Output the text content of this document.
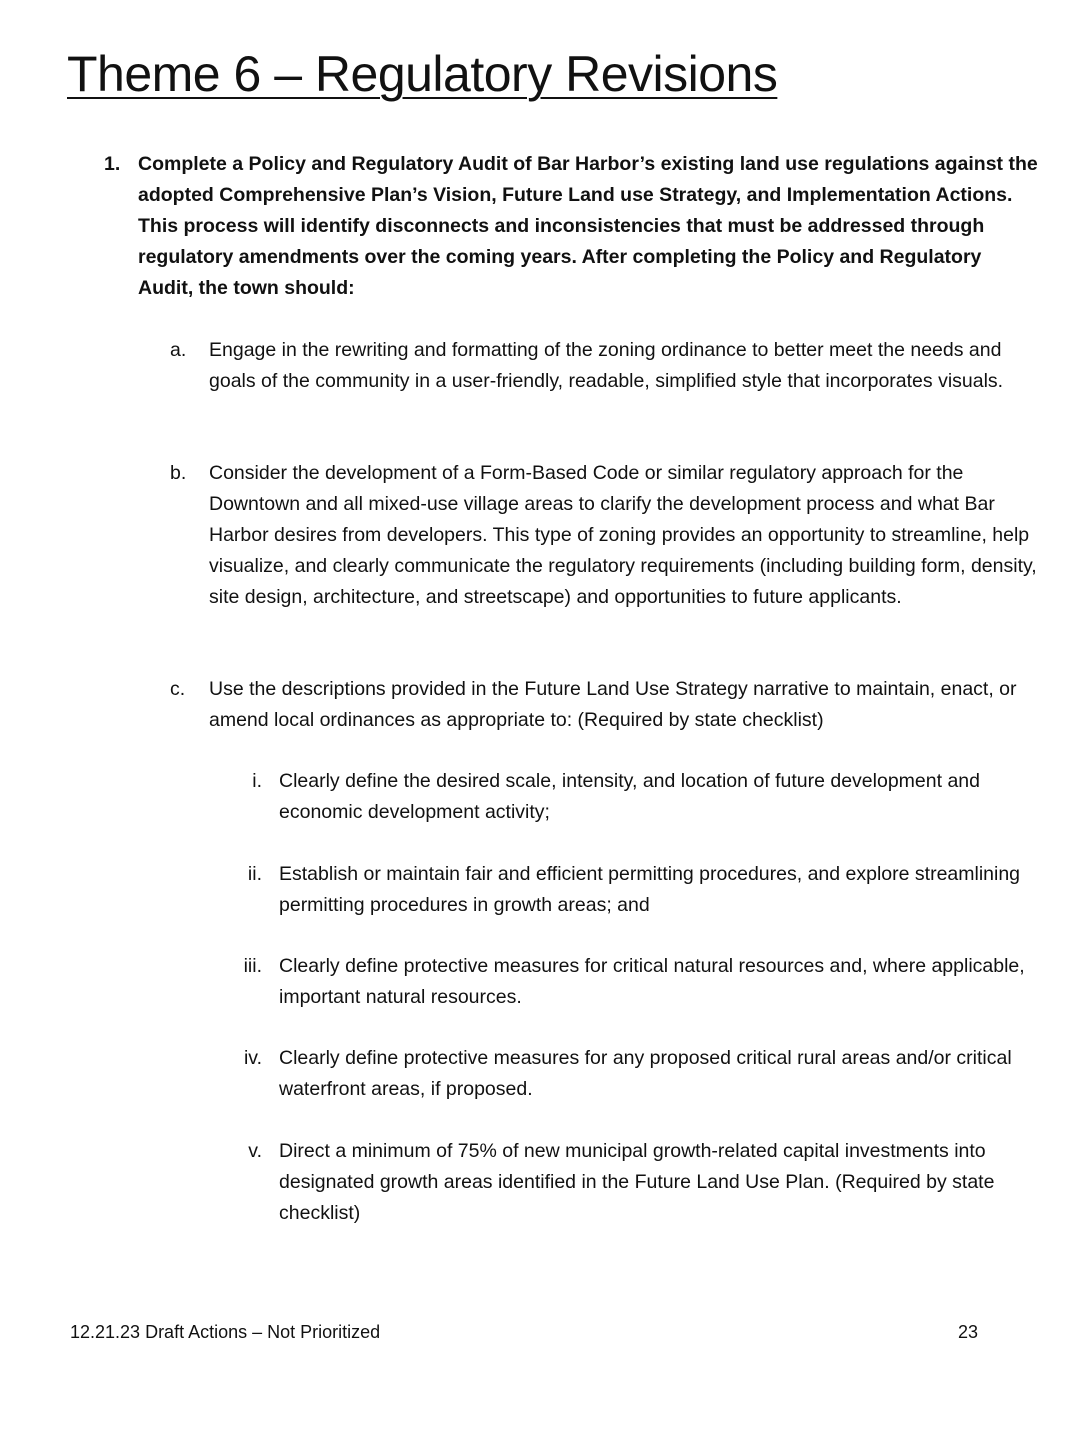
Theme 6 – Regulatory Revisions
1. Complete a Policy and Regulatory Audit of Bar Harbor’s existing land use regulations against the adopted Comprehensive Plan’s Vision, Future Land use Strategy, and Implementation Actions. This process will identify disconnects and inconsistencies that must be addressed through regulatory amendments over the coming years. After completing the Policy and Regulatory Audit, the town should:
a.	Engage in the rewriting and formatting of the zoning ordinance to better meet the needs and goals of the community in a user-friendly, readable, simplified style that incorporates visuals.
b.	Consider the development of a Form-Based Code or similar regulatory approach for the Downtown and all mixed-use village areas to clarify the development process and what Bar Harbor desires from developers. This type of zoning provides an opportunity to streamline, help visualize, and clearly communicate the regulatory requirements (including building form, density, site design, architecture, and streetscape) and opportunities to future applicants.
c.	Use the descriptions provided in the Future Land Use Strategy narrative to maintain, enact, or amend local ordinances as appropriate to: (Required by state checklist)
i. Clearly define the desired scale, intensity, and location of future development and economic development activity;
ii. Establish or maintain fair and efficient permitting procedures, and explore streamlining permitting procedures in growth areas; and
iii. Clearly define protective measures for critical natural resources and, where applicable, important natural resources.
iv. Clearly define protective measures for any proposed critical rural areas and/or critical waterfront areas, if proposed.
v. Direct a minimum of 75% of new municipal growth-related capital investments into designated growth areas identified in the Future Land Use Plan. (Required by state checklist)
12.21.23 Draft Actions – Not Prioritized	23
